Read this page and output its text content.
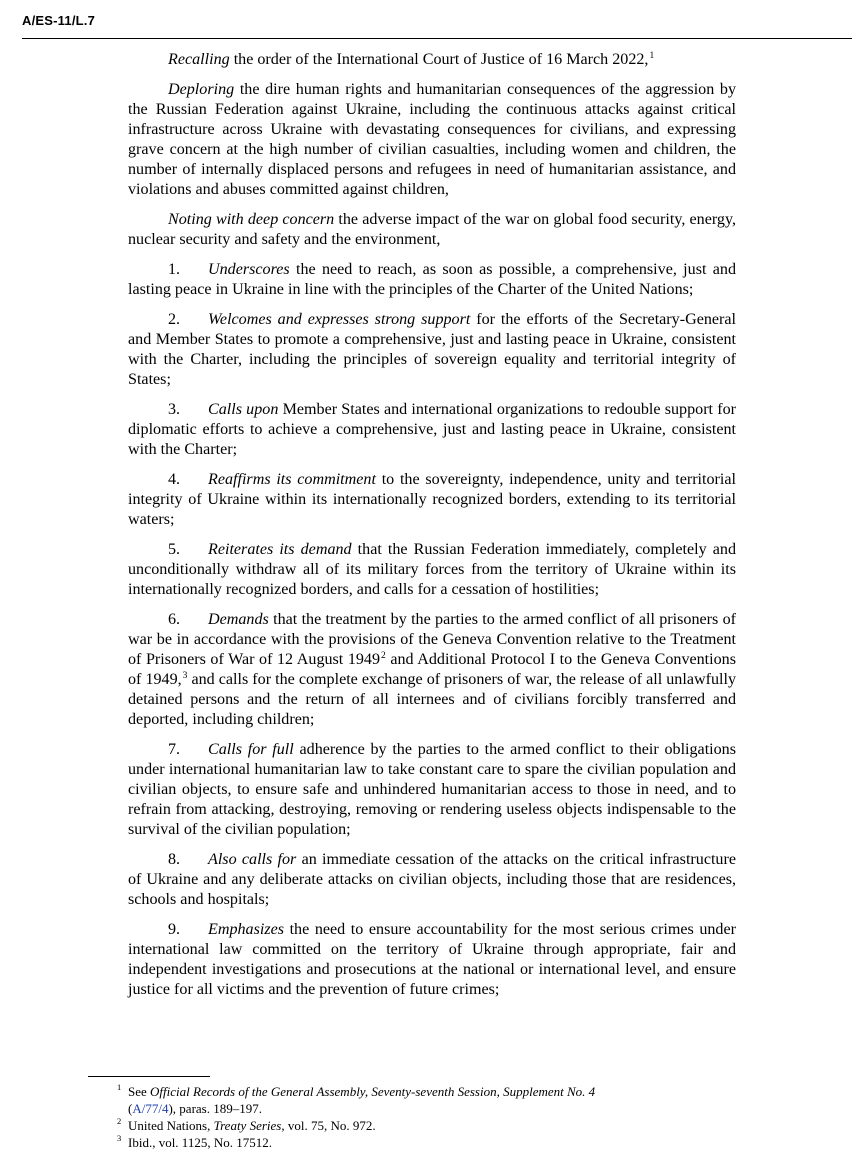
A/ES-11/L.7

Recalling the order of the International Court of Justice of 16 March 2022,$^1$

Deploring the dire human rights and humanitarian consequences of the aggression by the Russian Federation against Ukraine, including the continuous attacks against critical infrastructure across Ukraine with devastating consequences for civilians, and expressing grave concern at the high number of civilian casualties, including women and children, the number of internally displaced persons and refugees in need of humanitarian assistance, and violations and abuses committed against children,

Noting with deep concern the adverse impact of the war on global food security, energy, nuclear security and safety and the environment,

1. Underscores the need to reach, as soon as possible, a comprehensive, just and lasting peace in Ukraine in line with the principles of the Charter of the United Nations;

2. Welcomes and expresses strong support for the efforts of the Secretary-General and Member States to promote a comprehensive, just and lasting peace in Ukraine, consistent with the Charter, including the principles of sovereign equality and territorial integrity of States;

3. Calls upon Member States and international organizations to redouble support for diplomatic efforts to achieve a comprehensive, just and lasting peace in Ukraine, consistent with the Charter;

4. Reaffirms its commitment to the sovereignty, independence, unity and territorial integrity of Ukraine within its internationally recognized borders, extending to its territorial waters;

5. Reiterates its demand that the Russian Federation immediately, completely and unconditionally withdraw all of its military forces from the territory of Ukraine within its internationally recognized borders, and calls for a cessation of hostilities;

6. Demands that the treatment by the parties to the armed conflict of all prisoners of war be in accordance with the provisions of the Geneva Convention relative to the Treatment of Prisoners of War of 12 August 1949$^2$ and Additional Protocol I to the Geneva Conventions of 1949,$^3$ and calls for the complete exchange of prisoners of war, the release of all unlawfully detained persons and the return of all internees and of civilians forcibly transferred and deported, including children;

7. Calls for full adherence by the parties to the armed conflict to their obligations under international humanitarian law to take constant care to spare the civilian population and civilian objects, to ensure safe and unhindered humanitarian access to those in need, and to refrain from attacking, destroying, removing or rendering useless objects indispensable to the survival of the civilian population;

8. Also calls for an immediate cessation of the attacks on the critical infrastructure of Ukraine and any deliberate attacks on civilian objects, including those that are residences, schools and hospitals;

9. Emphasizes the need to ensure accountability for the most serious crimes under international law committed on the territory of Ukraine through appropriate, fair and independent investigations and prosecutions at the national or international level, and ensure justice for all victims and the prevention of future crimes;

1 See Official Records of the General Assembly, Seventy-seventh Session, Supplement No. 4
(A/77/4), paras. 189–197.

2 United Nations, Treaty Series, vol. 75, No. 972.

3 Ibid., vol. 1125, No. 17512.
